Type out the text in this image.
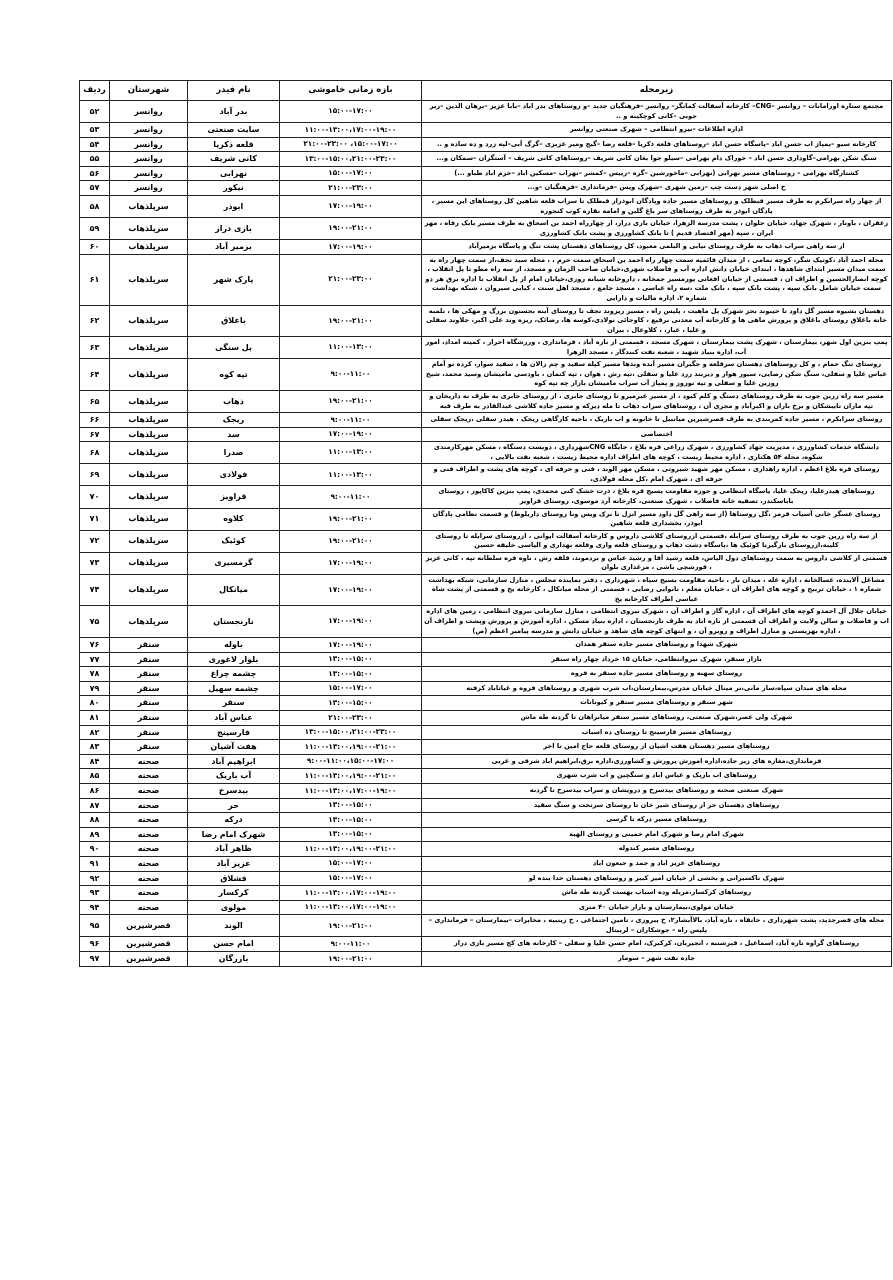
زیرمحله	بازه زمانی خاموشی	نام فیدر	شهرستان	ردیف
مجتمع ستاره اورامانات – روانسر –CNG– کارخانه آسفالت کمانگر– روانسر –فرهنگیان جدید –و روستاهای بدر اباد –بابا عزیز –برهان الدین –زیر جوبی –کانی کوچکینه و ..	۱۵:۰۰-۱۷:۰۰	بدر آباد	روانسر	۵۲
اداره اطلاعات –نیرو انتظامی – شهرک صنعتی روانسر	۱۱:۰۰-۱۳:۰۰،۱۷:۰۰-۱۹:۰۰	سایت صنعتی	روانسر	۵۳
کارخانه سیو –پمپاژ اب حسن اباد –پاسگاه حسن اباد –روستاهای قلعه ذکریا –قلعه رضا –گیج ومیر عزیزی –گرگ آبی–لپه زرد و ده ساده و ..	۱۵:۰۰-۱۷:۰۰، ۲۱:۰۰-۲۳:۰۰	قلعه ذکریا	روانسر	۵۴
سنگ شکن بهرامی–گاوداری حسن اباد – خوراک دام بهرامی –سیلو جوا بغان کانی شریف –روستاهای کانی شریف – آستگران –سمکان و...	۱۳:۰۰-۱۵:۰۰،۲۱:۰۰-۲۳:۰۰	کانی شریف	روانسر	۵۵
کشتارگاه بهرامی – روستاهای مسیر نهرابی (نهرابی –ماخورشین –گره –رییس –کمشر –نهراب –مسکین اباد –خرم اباد طباو ...)	۱۵:۰۰-۱۷:۰۰	نهرابی	روانسر	۵۶
خ اصلی شهر دست چپ –زمین شهری –شهرک ویس –فرمانداری –فرهنگیان –و...	۲۱:۰۰-۲۳:۰۰	نیکور	روانسر	۵۷
از چهار راه سرابکرم به طرف مسیر قبطلک و روستاهای مسیر جاده وپادگان ابوذراز قبطلک تا سراب قلعه شاهین کل روستاهای این مسیر ، پادگان ابوذر به طرف روستاهای سر باغ گلبن و امامه نقاره کوب کنجوره	۱۷:۰۰-۱۹:۰۰	ابوذر	سرپلذهاب	۵۸
زعفران ، باونار ، شهرک جهاد، خیابان حلوان ، پشت مدرسه الزهرا، خیابان بازی دراز، از چهارراه احمد بن اسحاق به طرف مسیر بانک رفاه ، مهر ایران ، سپه (مهر اقتصاد قدیم ) تا بانک کشاورزی و پشت بانک کشاورزی	۱۹:۰۰-۲۱:۰۰	بازی دراز	سرپلذهاب	۵۹
از سه راهی سراب ذهاب به طرف روستای نیابی و البلمی معبود، کل روستاهای دهستان پشت تنگ و پاسگاه بزمیرآباد	۱۷:۰۰-۱۹:۰۰	بزمیر آباد	سرپلذهاب	۶۰
محله احمد آباد ،کوتیک شگر، کوچه نمامی ، از میدان قائمیه سمت چهار راه احمد بن اسحاق سمت حرم ، ، محله سید نجف،از سمت چهار راه به سمت میدان مسیر ابتدای شاهدها ، ابتدای خیابان دانش اداره آب و فاضلاب شهری،خیابان صاحب الزمان و مسجد، از سه راه مطو تا پل انقلاب ، کوچه انصارالحسین و اطراف ان ، قسمتی از خیابان افغانی پورمسیر جمخانه ، داروخانه شبانه روزی،خیابان امام از پل انقلاب تا اداره برق هر دو سمت خیابان شامل بانک سپه ، پشت بانک سپه ، بانک ملت ،سه راه عباسی ، مسجد جامع ، مسجد اهل سنت ، کبابی سیروان ، شبکه بهداشت شماره ۲، اداره مالیات و دارایی	۲۱:۰۰-۲۳:۰۰	پارک شهر	سرپلذهاب	۶۱
دهستان بشیوه مسیر گل داود تا خیبوند بجز شهرک پل ماهیت ، پلیس راه ، مسیر ریزوند نجف تا روستای آبنه بجستون بزرگ و مهکی ها ، تلمبه خانه باغلاق روستای باغلاق و پرورش ماهی ها و کارخانه آب معدنی نرقیع ، کاوجائی نولادی،کوسه ها، رضائک، ریزه وند علی اکبر، جلاوند سفلی و علیا ، عباز، ، کلاوعال ، بیران	۱۹:۰۰-۲۱:۰۰	باغلاق	سرپلذهاب	۶۲
پمپ بنزین اول شهر، بیمارستان ، شهرک پشت بیمارستان ، شهرک مسجد ، قسمتی از نازه آباد ، فرمانداری ، ورزشگاه احرار ، کمیته امداد، امور آب، اداره بنیاد شهید ، شعبه نفت کنندگار ، مسجد الزهرا	۱۱:۰۰-۱۳:۰۰	پل سنگی	سرپلذهاب	۶۳
روستای تنگ حمام ، و کل روستاهای دهستان سرقلعه و جگیران مسیر آبده وندها مسیر کپله سفید و چم زالان ها ، سفید سوار، کرده نو آمام عباس علیا و سفلی، سنگ شکن رضایی، سیور هوار و دیربند زرد علیا و سفلی ،تپه رش ، هوان ، تپه کتمان ، باودسی مامیشان وسید محمد، شیخ روزین علیا و سفلی و تپه نوروز و پمپاژ آب سراب مامیشان بازار چه تپه کوه	۹:۰۰-۱۱:۰۰	تپه کوه	سرپلذهاب	۶۴
مسیر سه راه زرین جوب به طرف روستاهای دستگ و کلم کبود ، از مسیر عبرمیرو تا روستای جابری ، از روستای جابری به طرف نه داریخان و تپه ماران تایبشکان و برخ باران و اکبرآباد و مجری آن ، روستاهای سراب ذهاب تا مله دیزکه و مسیر جاده کلاشی عبدالقادر به طرف قبه	۱۹:۰۰-۲۱:۰۰	ذهاب	سرپلذهاب	۶۵
روستای سرابکرم ، مسیر جاده کمربندی به طرف قصرشیرین میانبیل تا خانونه و اب باریک ، ناحیه کارگاهی ریجک ، هیدر سفلی ،ریجک سفلی	۹:۰۰-۱۱:۰۰	ریجک	سرپلذهاب	۶۶
اختصاصی	۱۷:۰۰-۱۹:۰۰	سد	سرپلذهاب	۶۷
دانشگاه خدمات کشاورزی ، مدیریت جهاد کشاورزی ، شهرک زراعی قره بلاغ ، جایگاه CNGشهرداری ، دویست دستگاه ، مسکن مهرکارمندی شکوه، محله ۵۴ هکتاری ، اداره محیط زیست ، کوچه های اطراف اداره محیط زیست ، شعبه نفت بالایی ،	۱۱:۰۰-۱۳:۰۰	صدرا	سرپلذهاب	۶۸
روستای قره بلاغ اعظم ، اداره راهداری ، مسکن مهر شهید شیروتی ، مسکن مهر الوند ، فنی و حرفه ای ، کوچه های پشت و اطراف فنی و حرفه ای ، شهرک امام ،کل محله فولادی،	۱۱:۰۰-۱۳:۰۰	فولادی	سرپلذهاب	۶۹
روستاهای هیدرعلیا، ریجک علیا، پاسگاه انتظامی و حوزه مقاومت بسیج قره بلاغ ، ذرت خشک کنی محمدی، پمپ بنزین کاکاپور ، روستای باباسکندر، تصفیه خانه فاضلاب ، شهرک صنعتی، کارخانه آرد موسوی، روستای قراویز	۹:۰۰-۱۱:۰۰	قراویز	سرپلذهاب	۷۰
روستای عسگر خانی آسیاب قرمز ،گل روستاها (از سه راهی گل داود مسیر انزل تا نزک ویس ونا روستای داربلوط) و قسمت نظامی پادگان ابوذر، بخشداری قلعه شاهین	۱۹:۰۰-۲۱:۰۰	کلاوه	سرپلذهاب	۷۱
از سه راه زرین جوب به طرف روستای سرابله ،قسمتی ازروستای کلاشی داروس و کارخانه آسفالت ایوانی ، ازروستای سرابله تا روستای کلیبه،ازروستای بازگیرنا کوئیک ها ،پاسگاه دشت ذهاب و روستای قلعه واری وقلعه بهداری و الیاسی خلیفه حسین	۱۹:۰۰-۲۱:۰۰	کوئیک	سرپلذهاب	۷۲
قسمتی از کلاشی داروس به سمت روستاهای دول الیاس، قلعه رشید آقا و رشید عباس و بردموند، قلقه رش ، ناوه فره سلطانه تپه ، کانی عزیز ، قورشچی باشی ، مرغداری بلوان	۱۷:۰۰-۱۹:۰۰	گرمسیری	سرپلذهاب	۷۳
مشاغل آلاینده، غسالخانه ، اداره غله ، میدان بار ، ناحیه مقاومت بسیج سپاه ، شهرداری ، دفتر نماینده مجلس ، منازل سازمانی، شبکه بهداشت شماره ۱ ، خیابان تربیح و کوچه های اطراف آن ، خیابان معلم ، نانوایی رضایی ، قسمتی از محله میانکال ، کارخانه یخ و قسمتی از پشت شاه عباسی اطراف کارخانه یخ	۱۷:۰۰-۱۹:۰۰	میانکال	سرپلذهاب	۷۴
خیابان جلال آل احمدو کوچه های اطراف آن ، اداره گاز و اطراف آن ، شهرک نیروی انتظامی ، منازل سازمانی نیروی انتظامی ، زمین های اداره اب و فاضلاب و سالن ولایت و اطراف آن قسمتی از نازه اباد به طرف نارنجستان ، اداره بنیاد مسکن ، اداره آموزش و پرورش وپشت و اطراف آن ، اداره بهزیستی و منازل اطراف و روبرو آن ، و انتهای کوچه های شاهد و خیابان دانش و مدرسه پیامبر اعظم (ص)	۱۷:۰۰-۱۹:۰۰	نارنجستان	سرپلذهاب	۷۵
شهرک شهدا و روستاهای مسیر جاده سنقر همدان	۱۷:۰۰-۱۹:۰۰	باوله	سنقر	۷۶
بازار سنقر، شهرک نیروانتظامی، خیابان ۱۵ خرداد چهار راه سنقر	۱۳:۰۰-۱۵:۰۰	بلوار لاغوری	سنقر	۷۷
روستای سهنه و روستاهای مسیر جاده سنقر به فروه	۱۳:۰۰-۱۵:۰۰	چشمه چراغ	سنقر	۷۸
محله های میدان سپاه،ساز مانی،نر مینال خیابان مدرس،بیمارستان،اب شرب شهری و روستاهای فروه و غیاثاباد کزفنه	۱۵:۰۰-۱۷:۰۰	چشمه سهیل	سنقر	۷۹
شهر سنقر و روستاهای مسیر سنقر و کیونانات	۱۳:۰۰-۱۵:۰۰	سنقر	سنقر	۸۰
شهرک ولی عصر،شهرک صنعتی، روستاهای مسیر سنقر میانراهان تا گردنه طه ماش	۲۱:۰۰-۲۳:۰۰	عباس آباد	سنقر	۸۱
روستاهای مسیر فارسینج تا روستای ده اسباب	۱۳:۰۰-۱۵:۰۰،۲۱:۰۰-۲۳:۰۰	فارسینج	سنقر	۸۲
روستاهای مسیر دهستان هفت اشیان از روستای قلعه حاج امین تا اخر	۱۱:۰۰-۱۳:۰۰،۱۹:۰۰-۲۱:۰۰	هفت آشیان	سنقر	۸۳
فرمانداری،مغازه های زیر جاده،اداره اموزش پرورش و کشاورزی،اداره برق،ابراهیم اباد شرقی و غربی	۹:۰۰-۱۱:۰۰،۱۵:۰۰-۱۷:۰۰	ابراهیم آباد	صحنه	۸۴
روستاهای اب باریک و عباس اباد و سنگچین و اب شرب شهری	۱۱:۰۰-۱۳:۰۰،۱۹:۰۰-۲۱:۰۰	آب باریک	صحنه	۸۵
شهرک صنعتی صحنه و روستاهای بیدسرخ و درویشان و سراب بیدسرخ تا گردنه	۱۱:۰۰-۱۳:۰۰،۱۷:۰۰-۱۹:۰۰	بیدسرخ	صحنه	۸۶
روستاهای دهستان حر از روستای شیر خان تا روستای سرتخت و سنگ سفید	۱۳:۰۰-۱۵:۰۰	حر	صحنه	۸۷
روستاهای مسیر درکه تا گرسی	۱۳:۰۰-۱۵:۰۰	درکه	صحنه	۸۸
شهرک امام رضا و شهرک امام خمینی و روستای الهیه	۱۳:۰۰-۱۵:۰۰	شهرک امام رضا	صحنه	۸۹
روستاهای مسیر کندوله	۱۱:۰۰-۱۳:۰۰،۱۹:۰۰-۲۱:۰۰	ظاهر آباد	صحنه	۹۰
روستاهای عزیز اباد و جمد و جیعون اباد	۱۵:۰۰-۱۷:۰۰	عزیز آباد	صحنه	۹۱
شهرک ناکسیرانی و بخشی از خیابان امیر کبیر و روستاهای دهستان خدا بنده لو	۱۵:۰۰-۱۷:۰۰	فشلاق	صحنه	۹۲
روستاهای کرکسار،مریله وده اسباب بهست گردنه طه ماش	۱۱:۰۰-۱۳:۰۰،۱۷:۰۰-۱۹:۰۰	کرکسار	صحنه	۹۳
خیابان مولوی،بیمارستان و بازار خیابان ۴۰ متری	۱۱:۰۰-۱۳:۰۰،۱۷:۰۰-۱۹:۰۰	مولوی	صحنه	۹۴
محله های قصرجدید، پشت شهرداری ، خانقاه ، نازه آباد، بالاآبشار۲، خ پیروزی ، تامین اجتماعی ، خ زینبیه ، مخابرات –بیمارستان – فرمانداری – پلیس راه – جوشکاران – لربیتال	۱۹:۰۰-۲۱:۰۰	الوند	قصرشیرین	۹۵
روستاهای گراوه تازه آباد، اسماعیل ، قبرشنبه ، انجیربان، کرکبرک، امام حسن علیا و سفلی – کارخانه های کج مسیر بازی دراز	۹:۰۰-۱۱:۰۰	امام حسن	قصرشیرین	۹۶
جاده نفت شهر – سومار	۱۹:۰۰-۲۱:۰۰	بازرگان	قصرشیرین	۹۷
